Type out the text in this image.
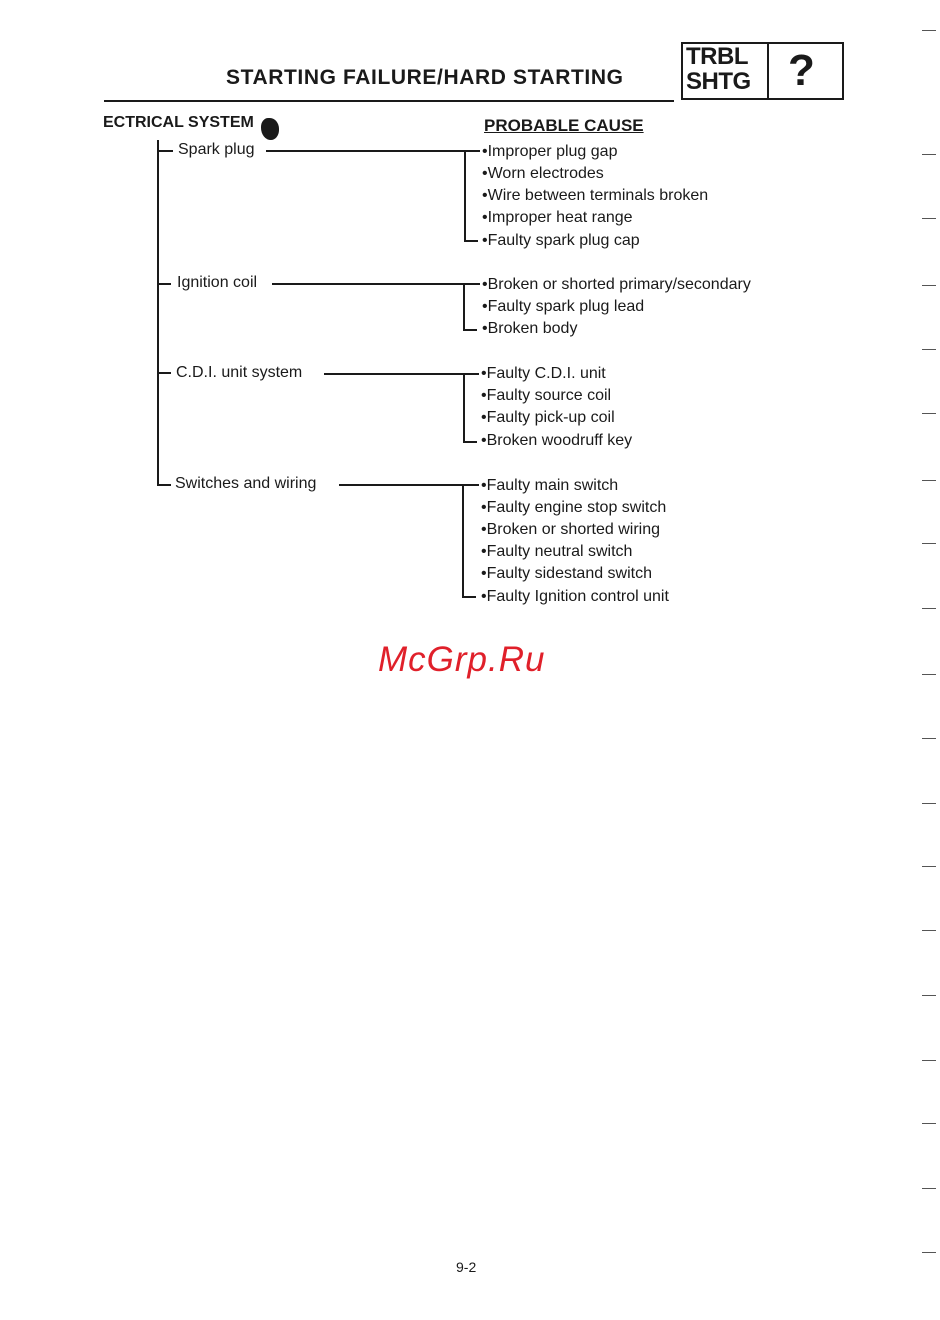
STARTING FAILURE/HARD STARTING
TRBL
SHTG ?
ECTRICAL SYSTEM	PROBABLE CAUSE
Spark plug	•Improper plug gap
•Worn electrodes
•Wire between terminals broken
•Improper heat range
•Faulty spark plug cap
Ignition coil	•Broken or shorted primary/secondary
•Faulty spark plug lead
•Broken body
C.D.I. unit system	•Faulty C.D.I. unit
•Faulty source coil
•Faulty pick-up coil
•Broken woodruff key
Switches and wiring	•Faulty main switch
•Faulty engine stop switch
•Broken or shorted wiring
•Faulty neutral switch
•Faulty sidestand switch
•Faulty Ignition control unit
McGrp.Ru
9-2
